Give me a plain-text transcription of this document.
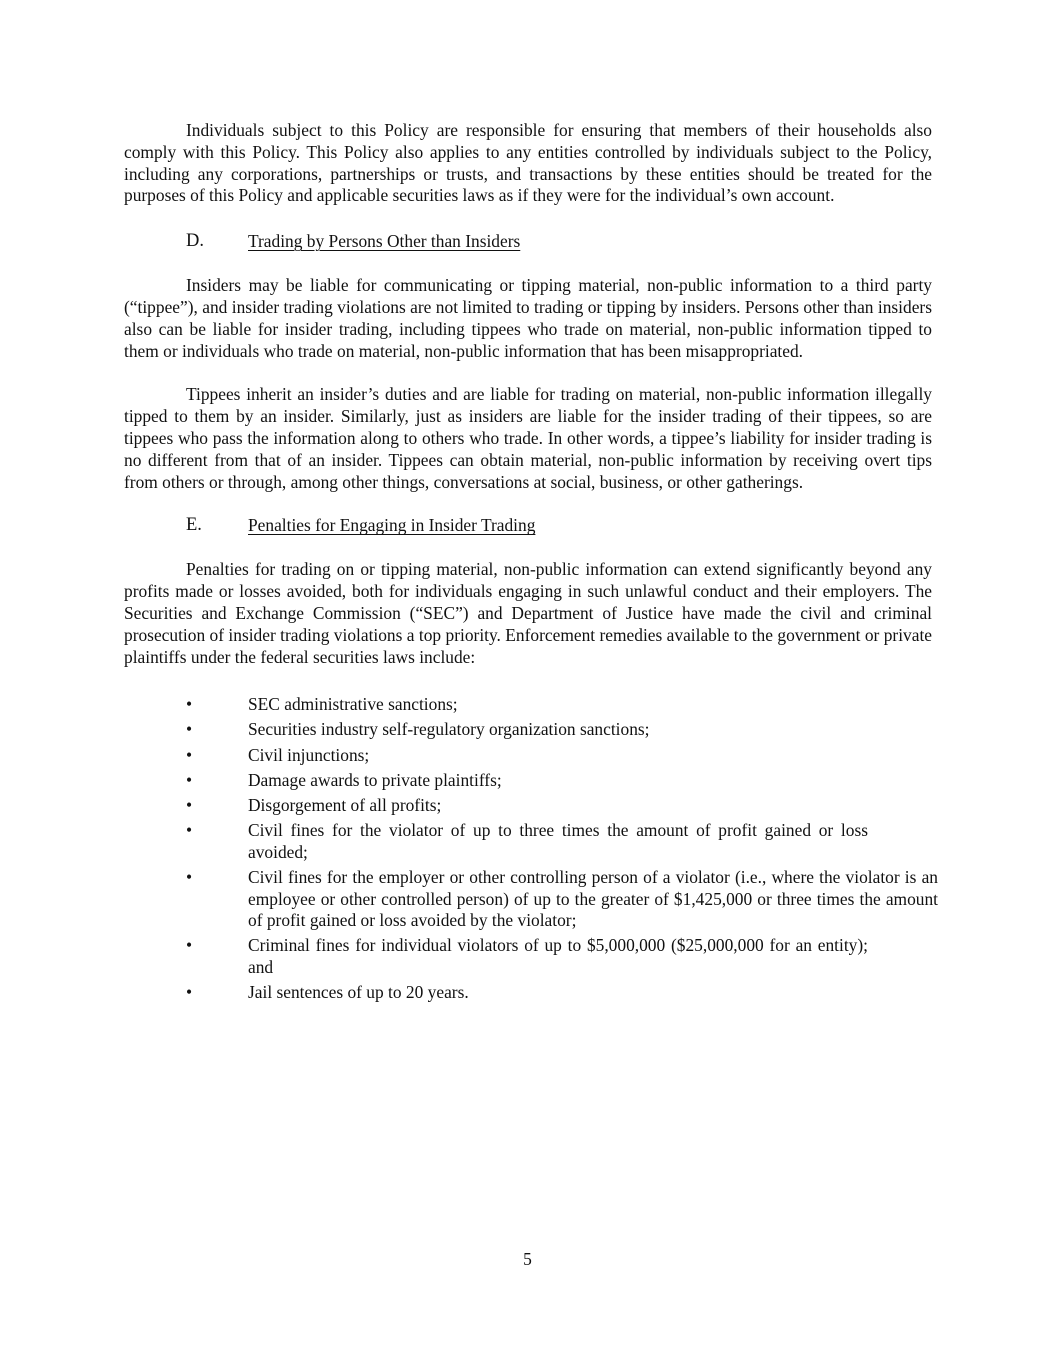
Individuals subject to this Policy are responsible for ensuring that members of their households also comply with this Policy. This Policy also applies to any entities controlled by individuals subject to the Policy, including any corporations, partnerships or trusts, and transactions by these entities should be treated for the purposes of this Policy and applicable securities laws as if they were for the individual’s own account.

D.	Trading by Persons Other than Insiders

Insiders may be liable for communicating or tipping material, non-public information to a third party (“tippee”), and insider trading violations are not limited to trading or tipping by insiders. Persons other than insiders also can be liable for insider trading, including tippees who trade on material, non-public information tipped to them or individuals who trade on material, non-public information that has been misappropriated.

Tippees inherit an insider’s duties and are liable for trading on material, non-public information illegally tipped to them by an insider. Similarly, just as insiders are liable for the insider trading of their tippees, so are tippees who pass the information along to others who trade. In other words, a tippee’s liability for insider trading is no different from that of an insider. Tippees can obtain material, non-public information by receiving overt tips from others or through, among other things, conversations at social, business, or other gatherings.

E.	Penalties for Engaging in Insider Trading

Penalties for trading on or tipping material, non-public information can extend significantly beyond any profits made or losses avoided, both for individuals engaging in such unlawful conduct and their employers. The Securities and Exchange Commission (“SEC”) and Department of Justice have made the civil and criminal prosecution of insider trading violations a top priority. Enforcement remedies available to the government or private plaintiffs under the federal securities laws include:

•	SEC administrative sanctions;
•	Securities industry self-regulatory organization sanctions;
•	Civil injunctions;
•	Damage awards to private plaintiffs;
•	Disgorgement of all profits;
•	Civil fines for the violator of up to three times the amount of profit gained or loss avoided;
•	Civil fines for the employer or other controlling person of a violator (i.e., where the violator is an employee or other controlled person) of up to the greater of $1,425,000 or three times the amount of profit gained or loss avoided by the violator;
•	Criminal fines for individual violators of up to $5,000,000 ($25,000,000 for an entity); and
•	Jail sentences of up to 20 years.
5
